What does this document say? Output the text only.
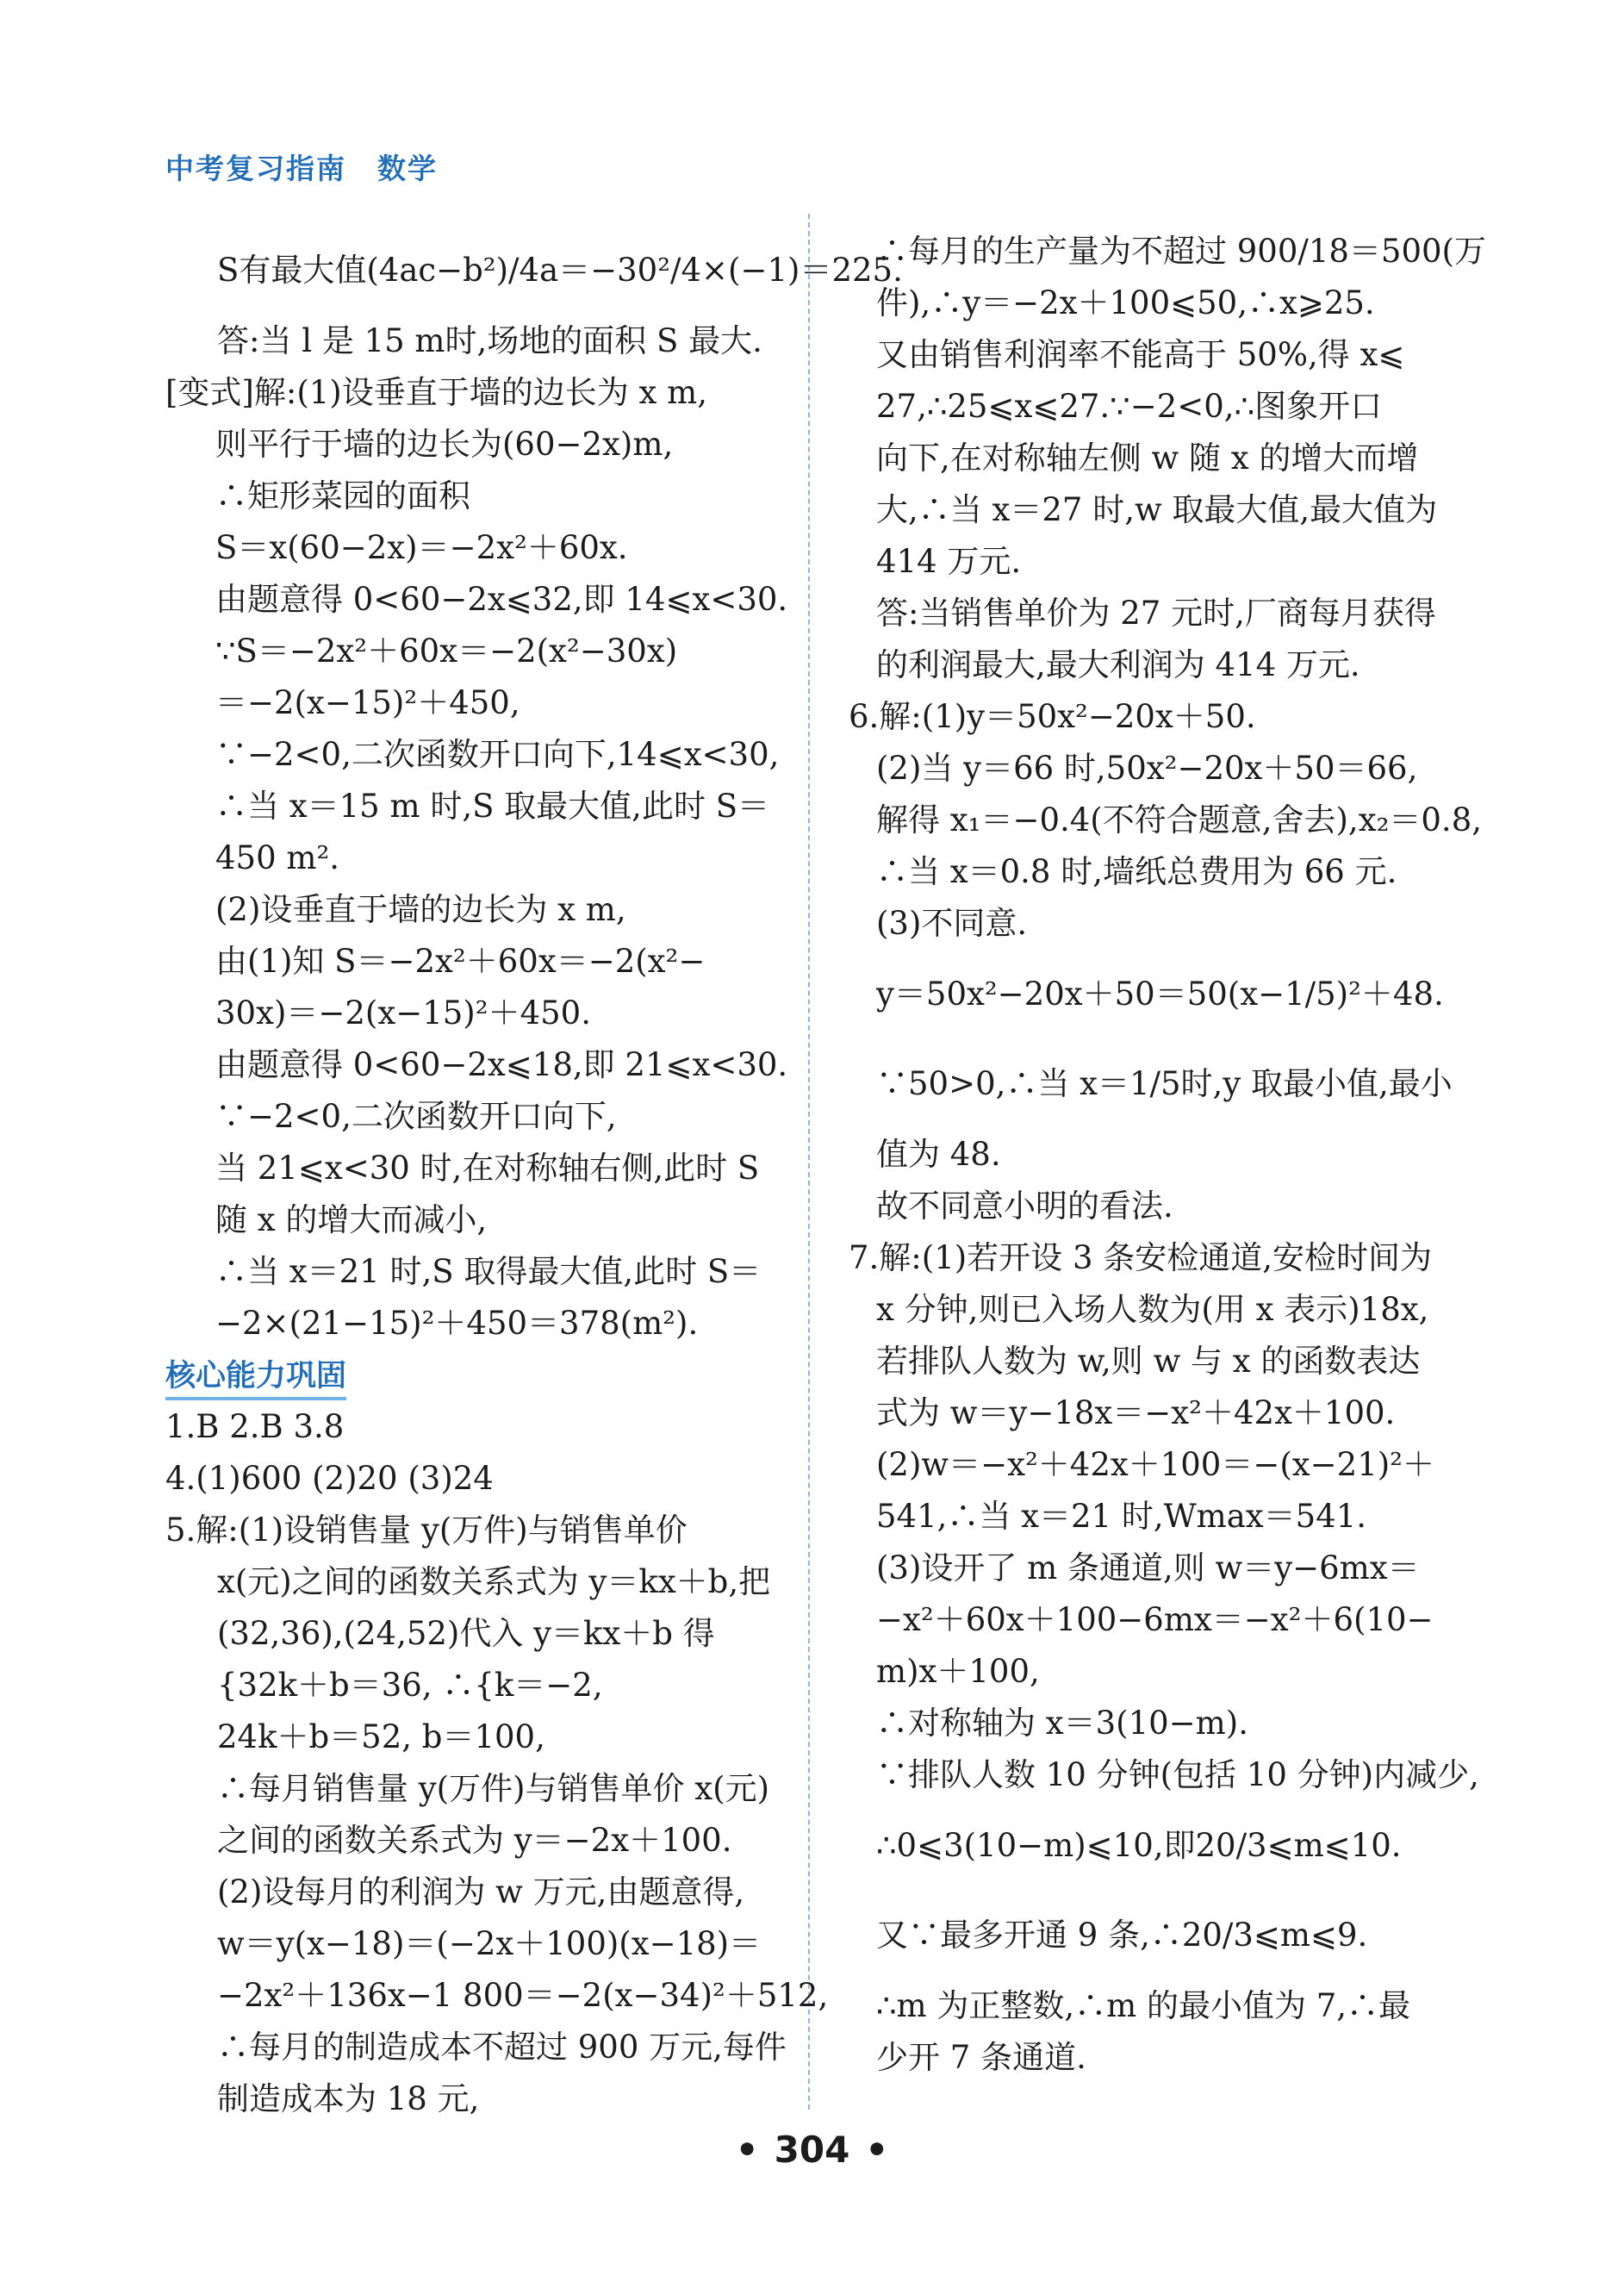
中考复习指南 数学
S有最大值(4ac−b²)/4a＝−30²/4×(−1)＝225.
答:当 l 是 15 m时,场地的面积 S 最大.
[变式]解:(1)设垂直于墙的边长为 x m,
则平行于墙的边长为(60−2x)m,
∴矩形菜园的面积
S＝x(60−2x)＝−2x²＋60x.
由题意得 0<60−2x⩽32,即 14⩽x<30.
∵S＝−2x²＋60x＝−2(x²−30x)
＝−2(x−15)²＋450,
∵−2<0,二次函数开口向下,14⩽x<30,
∴当 x＝15 m 时,S 取最大值,此时 S＝
450 m².
(2)设垂直于墙的边长为 x m,
由(1)知 S＝−2x²＋60x＝−2(x²−
30x)＝−2(x−15)²＋450.
由题意得 0<60−2x⩽18,即 21⩽x<30.
∵−2<0,二次函数开口向下,
当 21⩽x<30 时,在对称轴右侧,此时 S
随 x 的增大而减小,
∴当 x＝21 时,S 取得最大值,此时 S＝
−2×(21−15)²＋450＝378(m²).
核心能力巩固
1.B 2.B 3.8
4.(1)600 (2)20 (3)24
5.解:(1)设销售量 y(万件)与销售单价
x(元)之间的函数关系式为 y＝kx＋b,把
(32,36),(24,52)代入 y＝kx＋b 得
{32k＋b＝36, ∴{k＝−2,
24k＋b＝52, b＝100,
∴每月销售量 y(万件)与销售单价 x(元)
之间的函数关系式为 y＝−2x＋100.
(2)设每月的利润为 w 万元,由题意得,
w＝y(x−18)＝(−2x＋100)(x−18)＝
−2x²＋136x−1 800＝−2(x−34)²＋512,
∴每月的制造成本不超过 900 万元,每件
制造成本为 18 元,
∴每月的生产量为不超过 900/18＝500(万
件),∴y＝−2x＋100⩽50,∴x⩾25.
又由销售利润率不能高于 50%,得 x⩽
27,∴25⩽x⩽27.∵−2<0,∴图象开口
向下,在对称轴左侧 w 随 x 的增大而增
大,∴当 x＝27 时,w 取最大值,最大值为
414 万元.
答:当销售单价为 27 元时,厂商每月获得
的利润最大,最大利润为 414 万元.
6.解:(1)y＝50x²−20x＋50.
(2)当 y＝66 时,50x²−20x＋50＝66,
解得 x₁＝−0.4(不符合题意,舍去),x₂＝0.8,
∴当 x＝0.8 时,墙纸总费用为 66 元.
(3)不同意.
y＝50x²−20x＋50＝50(x−1/5)²＋48.
∵50>0,∴当 x＝1/5时,y 取最小值,最小
值为 48.
故不同意小明的看法.
7.解:(1)若开设 3 条安检通道,安检时间为
x 分钟,则已入场人数为(用 x 表示)18x,
若排队人数为 w,则 w 与 x 的函数表达
式为 w＝y−18x＝−x²＋42x＋100.
(2)w＝−x²＋42x＋100＝−(x−21)²＋
541,∴当 x＝21 时,Wmax＝541.
(3)设开了 m 条通道,则 w＝y−6mx＝
−x²＋60x＋100−6mx＝−x²＋6(10−
m)x＋100,
∴对称轴为 x＝3(10−m).
∵排队人数 10 分钟(包括 10 分钟)内减少,
∴0⩽3(10−m)⩽10,即20/3⩽m⩽10.
又∵最多开通 9 条,∴20/3⩽m⩽9.
∴m 为正整数,∴m 的最小值为 7,∴最
少开 7 条通道.
• 304 •
